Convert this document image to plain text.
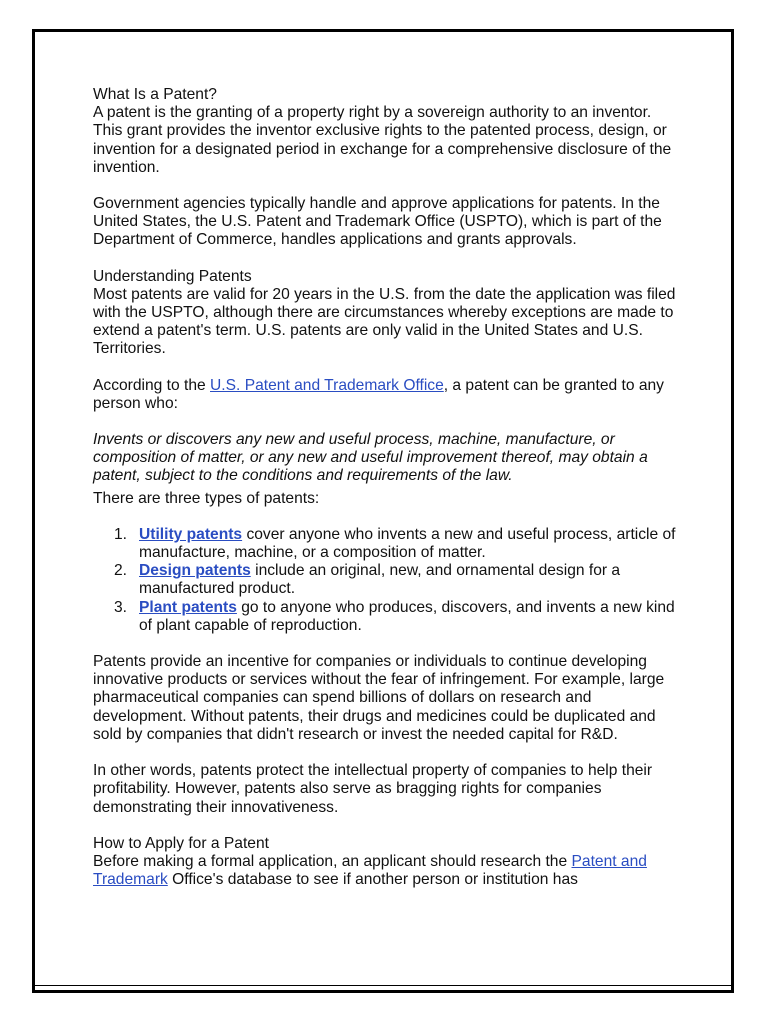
What Is a Patent?

A patent is the granting of a property right by a sovereign authority to an inventor. This grant provides the inventor exclusive rights to the patented process, design, or invention for a designated period in exchange for a comprehensive disclosure of the invention.

Government agencies typically handle and approve applications for patents. In the United States, the U.S. Patent and Trademark Office (USPTO), which is part of the Department of Commerce, handles applications and grants approvals.

Understanding Patents

Most patents are valid for 20 years in the U.S. from the date the application was filed with the USPTO, although there are circumstances whereby exceptions are made to extend a patent's term. U.S. patents are only valid in the United States and U.S. Territories.

According to the U.S. Patent and Trademark Office, a patent can be granted to any person who:

Invents or discovers any new and useful process, machine, manufacture, or composition of matter, or any new and useful improvement thereof, may obtain a patent, subject to the conditions and requirements of the law.

There are three types of patents:

1. Utility patents cover anyone who invents a new and useful process, article of manufacture, machine, or a composition of matter.
2. Design patents include an original, new, and ornamental design for a manufactured product.
3. Plant patents go to anyone who produces, discovers, and invents a new kind of plant capable of reproduction.

Patents provide an incentive for companies or individuals to continue developing innovative products or services without the fear of infringement. For example, large pharmaceutical companies can spend billions of dollars on research and development. Without patents, their drugs and medicines could be duplicated and sold by companies that didn't research or invest the needed capital for R&D.

In other words, patents protect the intellectual property of companies to help their profitability. However, patents also serve as bragging rights for companies demonstrating their innovativeness.

How to Apply for a Patent

Before making a formal application, an applicant should research the Patent and Trademark Office's database to see if another person or institution has
